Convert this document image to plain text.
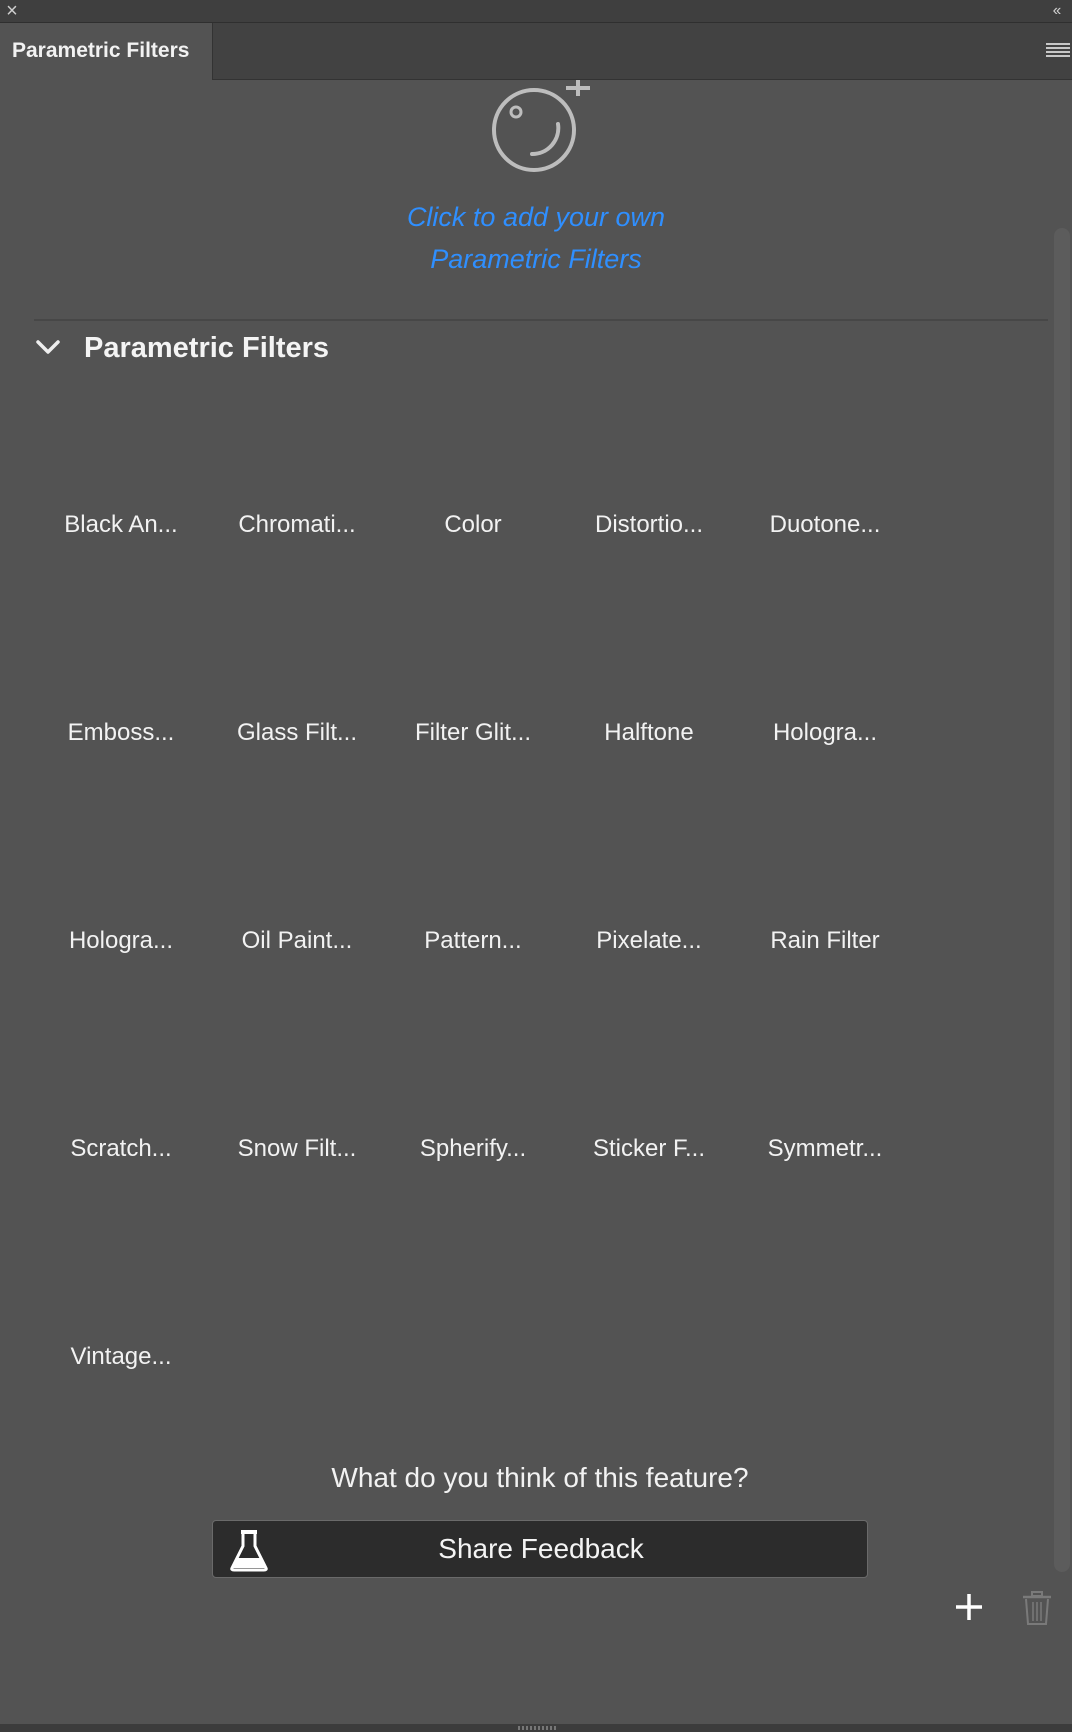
×	‹‹
Parametric Filters
Click to add your own
Parametric Filters
Parametric Filters
Black An...	Chromati...	Color	Distortio...	Duotone...
Emboss...	Glass Filt...	Filter Glit...	Halftone	Hologra...
Hologra...	Oil Paint...	Pattern...	Pixelate...	Rain Filter
Scratch...	Snow Filt...	Spherify...	Sticker F...	Symmetr...
Vintage...
What do you think of this feature?
Share Feedback
